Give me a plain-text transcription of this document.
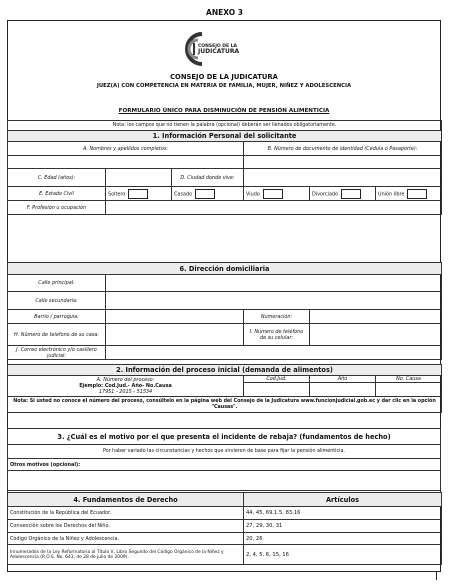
ANEXO 3
CONSEJO DE LA
JUDICATURA
CONSEJO DE LA JUDICATURA
JUEZ(A) CON COMPETENCIA EN MATERIA DE FAMILIA, MUJER, NIÑEZ Y ADOLESCENCIA
FORMULARIO ÚNICO PARA DISMINUCIÓN DE PENSIÓN ALIMENTICIA
Nota: los campos que no tienen la palabra (opcional) deberán ser llenados obligatoriamente.					
1. Información Personal del solicitante					
A. Nombres y apellidos completos:			B. Número de documento de identidad (Cédula o Pasaporte):		

C. Edad (años):		D. Ciudad donde vive:			
E. Estado Civil	Soltero	Casado	Viudo	Divorciado	Unión libre
F. Profesión u ocupación					
6. Dirección domiciliaria			
Calle principal:			
Calle secundaria:			
Barrio / parroquia:		Numeración:	
H. Número de teléfono de su casa:		I. Número de teléfono de su celular:	
J. Correo electrónico y/o casillero judicial:			
2. Información del proceso inicial (demanda de alimentos)			

A. Número del proceso:
Ejemplo: Cod.Jud.- Año- No.Causa
17951 - 2015 - 51534	Cod.Jud.	Año	No. Causa

Nota: Si usted no conoce el número del proceso, consúltelo en la página web del Consejo de la Judicatura www.funcionjudicial.gob.ec y dar clic en la opción "Causas".			
3. ¿Cuál es el motivo por el que presenta el incidente de rebaja? (fundamentos de hecho)
Por haber variado las circunstancias y hechos que sirvieron de base para fijar la pensión alimenticia.
Otros motivos (opcional):

4. Fundamentos de Derecho	Artículos
Constitución de la República del Ecuador.	44, 45, 69.1.5, 83.16
Convención sobre los Derechos del Niño.	27, 29, 30, 31
Código Orgánico de la Niñez y Adolescencia.	20, 26
Innumerados de la Ley Reformatoria al Título V, Libro Segundo del Código Orgánico de la Niñez y Adolescencia (R.O.S. No. 643, de 28 de julio de 2009).	2, 4, 5, 6, 15, 16
